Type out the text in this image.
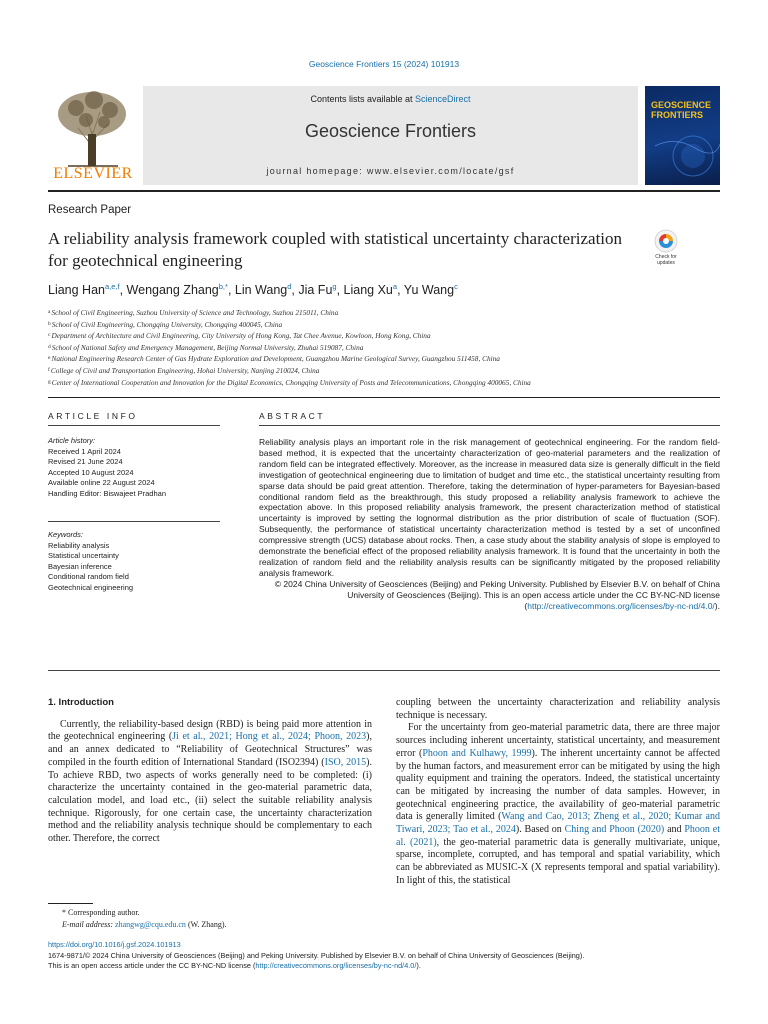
Geoscience Frontiers 15 (2024) 101913
ELSEVIER
Contents lists available at ScienceDirect
Geoscience Frontiers
journal homepage: www.elsevier.com/locate/gsf
GEOSCIENCE
FRONTIERS
Research Paper
A reliability analysis framework coupled with statistical uncertainty characterization for geotechnical engineering	Check for updates
Liang Han$^{a,e,f}$, Wengang Zhang$^{b,*}$, Lin Wang$^d$, Jia Fu$^g$, Liang Xu$^a$, Yu Wang$^c$
$^a$School of Civil Engineering, Suzhou University of Science and Technology, Suzhou 215011, China
$^b$School of Civil Engineering, Chongqing University, Chongqing 400045, China
$^c$Department of Architecture and Civil Engineering, City University of Hong Kong, Tat Chee Avenue, Kowloon, Hong Kong, China
$^d$School of National Safety and Emergency Management, Beijing Normal University, Zhuhai 519087, China
$^e$National Engineering Research Center of Gas Hydrate Exploration and Development, Guangzhou Marine Geological Survey, Guangzhou 511458, China
$^f$College of Civil and Transportation Engineering, Hohai University, Nanjing 210024, China
$^g$Center of International Cooperation and Innovation for the Digital Economics, Chongqing University of Posts and Telecommunications, Chongqing 400065, China
ARTICLE INFO	ABSTRACT
Article history:
Received 1 April 2024
Revised 21 June 2024
Accepted 10 August 2024
Available online 22 August 2024
Handling Editor: Biswajeet Pradhan
Keywords:
Reliability analysis
Statistical uncertainty
Bayesian inference
Conditional random field
Geotechnical engineering
Reliability analysis plays an important role in the risk management of geotechnical engineering. For the random field-based method, it is expected that the uncertainty characterization of geo-material parameters and the realization of random field can be integrated effectively. Moreover, as the increase in measured data size is generally difficult in the field investigation of geotechnical engineering due to limitation of budget and time etc., the statistical uncertainty resulting from sparse data should be paid great attention. Therefore, taking the determination of hyper-parameters for Bayesian-based conditional random field as the breakthrough, this study proposed a reliability analysis framework to achieve the expectation above. In this proposed reliability analysis framework, the present characterization method of statistical uncertainty is improved by setting the lognormal distribution as the prior distribution of scale of fluctuation (SOF). Subsequently, the performance of statistical uncertainty characterization method is tested by a set of unconfined compressive strength (UCS) database about rocks. Then, a case study about the stability analysis of slope is employed to demonstrate the beneficial effect of the proposed reliability analysis framework. It is found that the uncertainty in both the realization of random field and the reliability analysis results can be significantly mitigated by the proposed reliability analysis framework.
© 2024 China University of Geosciences (Beijing) and Peking University. Published by Elsevier B.V. on behalf of China University of Geosciences (Beijing). This is an open access article under the CC BY-NC-ND license (http://creativecommons.org/licenses/by-nc-nd/4.0/).
1. Introduction

Currently, the reliability-based design (RBD) is being paid more attention in the geotechnical engineering (Ji et al., 2021; Hong et al., 2024; Phoon, 2023), and an annex dedicated to “Reliability of Geotechnical Structures” was compiled in the fourth edition of International Standard (ISO2394) (ISO, 2015). To achieve RBD, two aspects of works generally need to be completed: (i) characterize the uncertainty contained in the geo-material parametric data, calculation model, and load etc., (ii) select the suitable reliability analysis technique. Rigorously, for one certain case, the uncertainty characterization method and the reliability analysis technique should be complementary to each other. Therefore, the correct

coupling between the uncertainty characterization and reliability analysis technique is necessary.

For the uncertainty from geo-material parametric data, there are three major sources including inherent uncertainty, statistical uncertainty, and measurement error (Phoon and Kulhawy, 1999). The inherent uncertainty cannot be affected by the human factors, and measurement error can be mitigated by using the high quality equipment and training the operators. Indeed, the statistical uncertainty can be mitigated by increasing the number of data samples. However, in geotechnical engineering practice, the availability of geo-material parametric data is generally limited (Wang and Cao, 2013; Zheng et al., 2020; Kumar and Tiwari, 2023; Tao et al., 2024). Based on Ching and Phoon (2020) and Phoon et al. (2021), the geo-material parametric data is generally multivariate, unique, sparse, incomplete, corrupted, and has temporal and spatial variability, which can be abbreviated as MUSIC-X (X represents temporal and spatial variability). In light of this, the statistical

* Corresponding author.
E-mail address: zhangwg@cqu.edu.cn (W. Zhang).
https://doi.org/10.1016/j.gsf.2024.101913
1674-9871/© 2024 China University of Geosciences (Beijing) and Peking University. Published by Elsevier B.V. on behalf of China University of Geosciences (Beijing).
This is an open access article under the CC BY-NC-ND license (http://creativecommons.org/licenses/by-nc-nd/4.0/).
